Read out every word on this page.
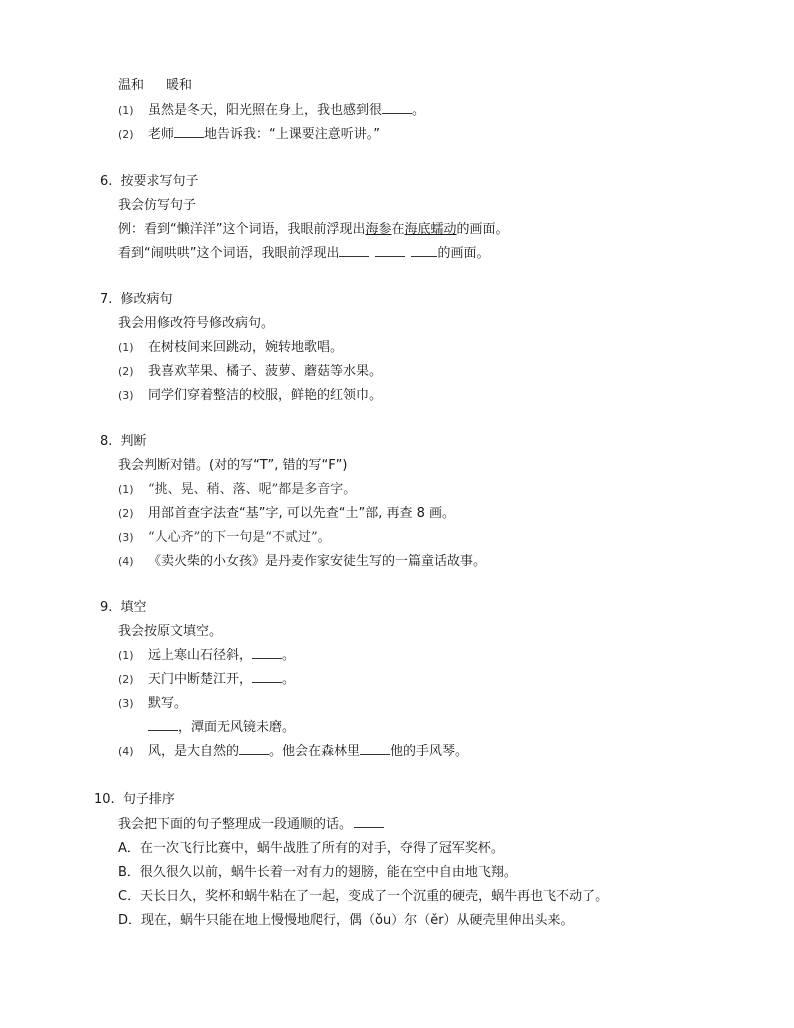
温和 暖和
(1) 虽然是冬天，阳光照在身上，我也感到很 。
(2) 老师 地告诉我：“上课要注意听讲。”
6. 按要求写句子
我会仿写句子
例：看到“懒洋洋”这个词语，我眼前浮现出海参在海底蠕动的画面。
看到“闹哄哄”这个词语，我眼前浮现出	的画面。
7. 修改病句
我会用修改符号修改病句。
(1) 在树枝间来回跳动，婉转地歌唱。
(2) 我喜欢苹果、橘子、菠萝、蘑菇等水果。
(3) 同学们穿着整洁的校服，鲜艳的红领巾。
8. 判断
我会判断对错。(对的写“T”, 错的写“F”)
(1) “挑、晃、稍、落、呢”都是多音字。
(2) 用部首查字法查“基”字, 可以先查“土”部, 再查 8 画。
(3) “人心齐”的下一句是“不贰过”。
(4) 《卖火柴的小女孩》是丹麦作家安徒生写的一篇童话故事。
9. 填空
我会按原文填空。
(1) 远上寒山石径斜， 。
(2) 天门中断楚江开， 。
(3) 默写。
，潭面无风镜未磨。
(4) 风，是大自然的 。他会在森林里 他的手风琴。
10. 句子排序
我会把下面的句子整理成一段通顺的话。
A．在一次飞行比赛中，蜗牛战胜了所有的对手，夺得了冠军奖杯。
B．很久很久以前，蜗牛长着一对有力的翅膀，能在空中自由地飞翔。
C．天长日久，奖杯和蜗牛粘在了一起，变成了一个沉重的硬壳，蜗牛再也飞不动了。
D．现在，蜗牛只能在地上慢慢地爬行，偶（ǒu）尔（ěr）从硬壳里伸出头来。
